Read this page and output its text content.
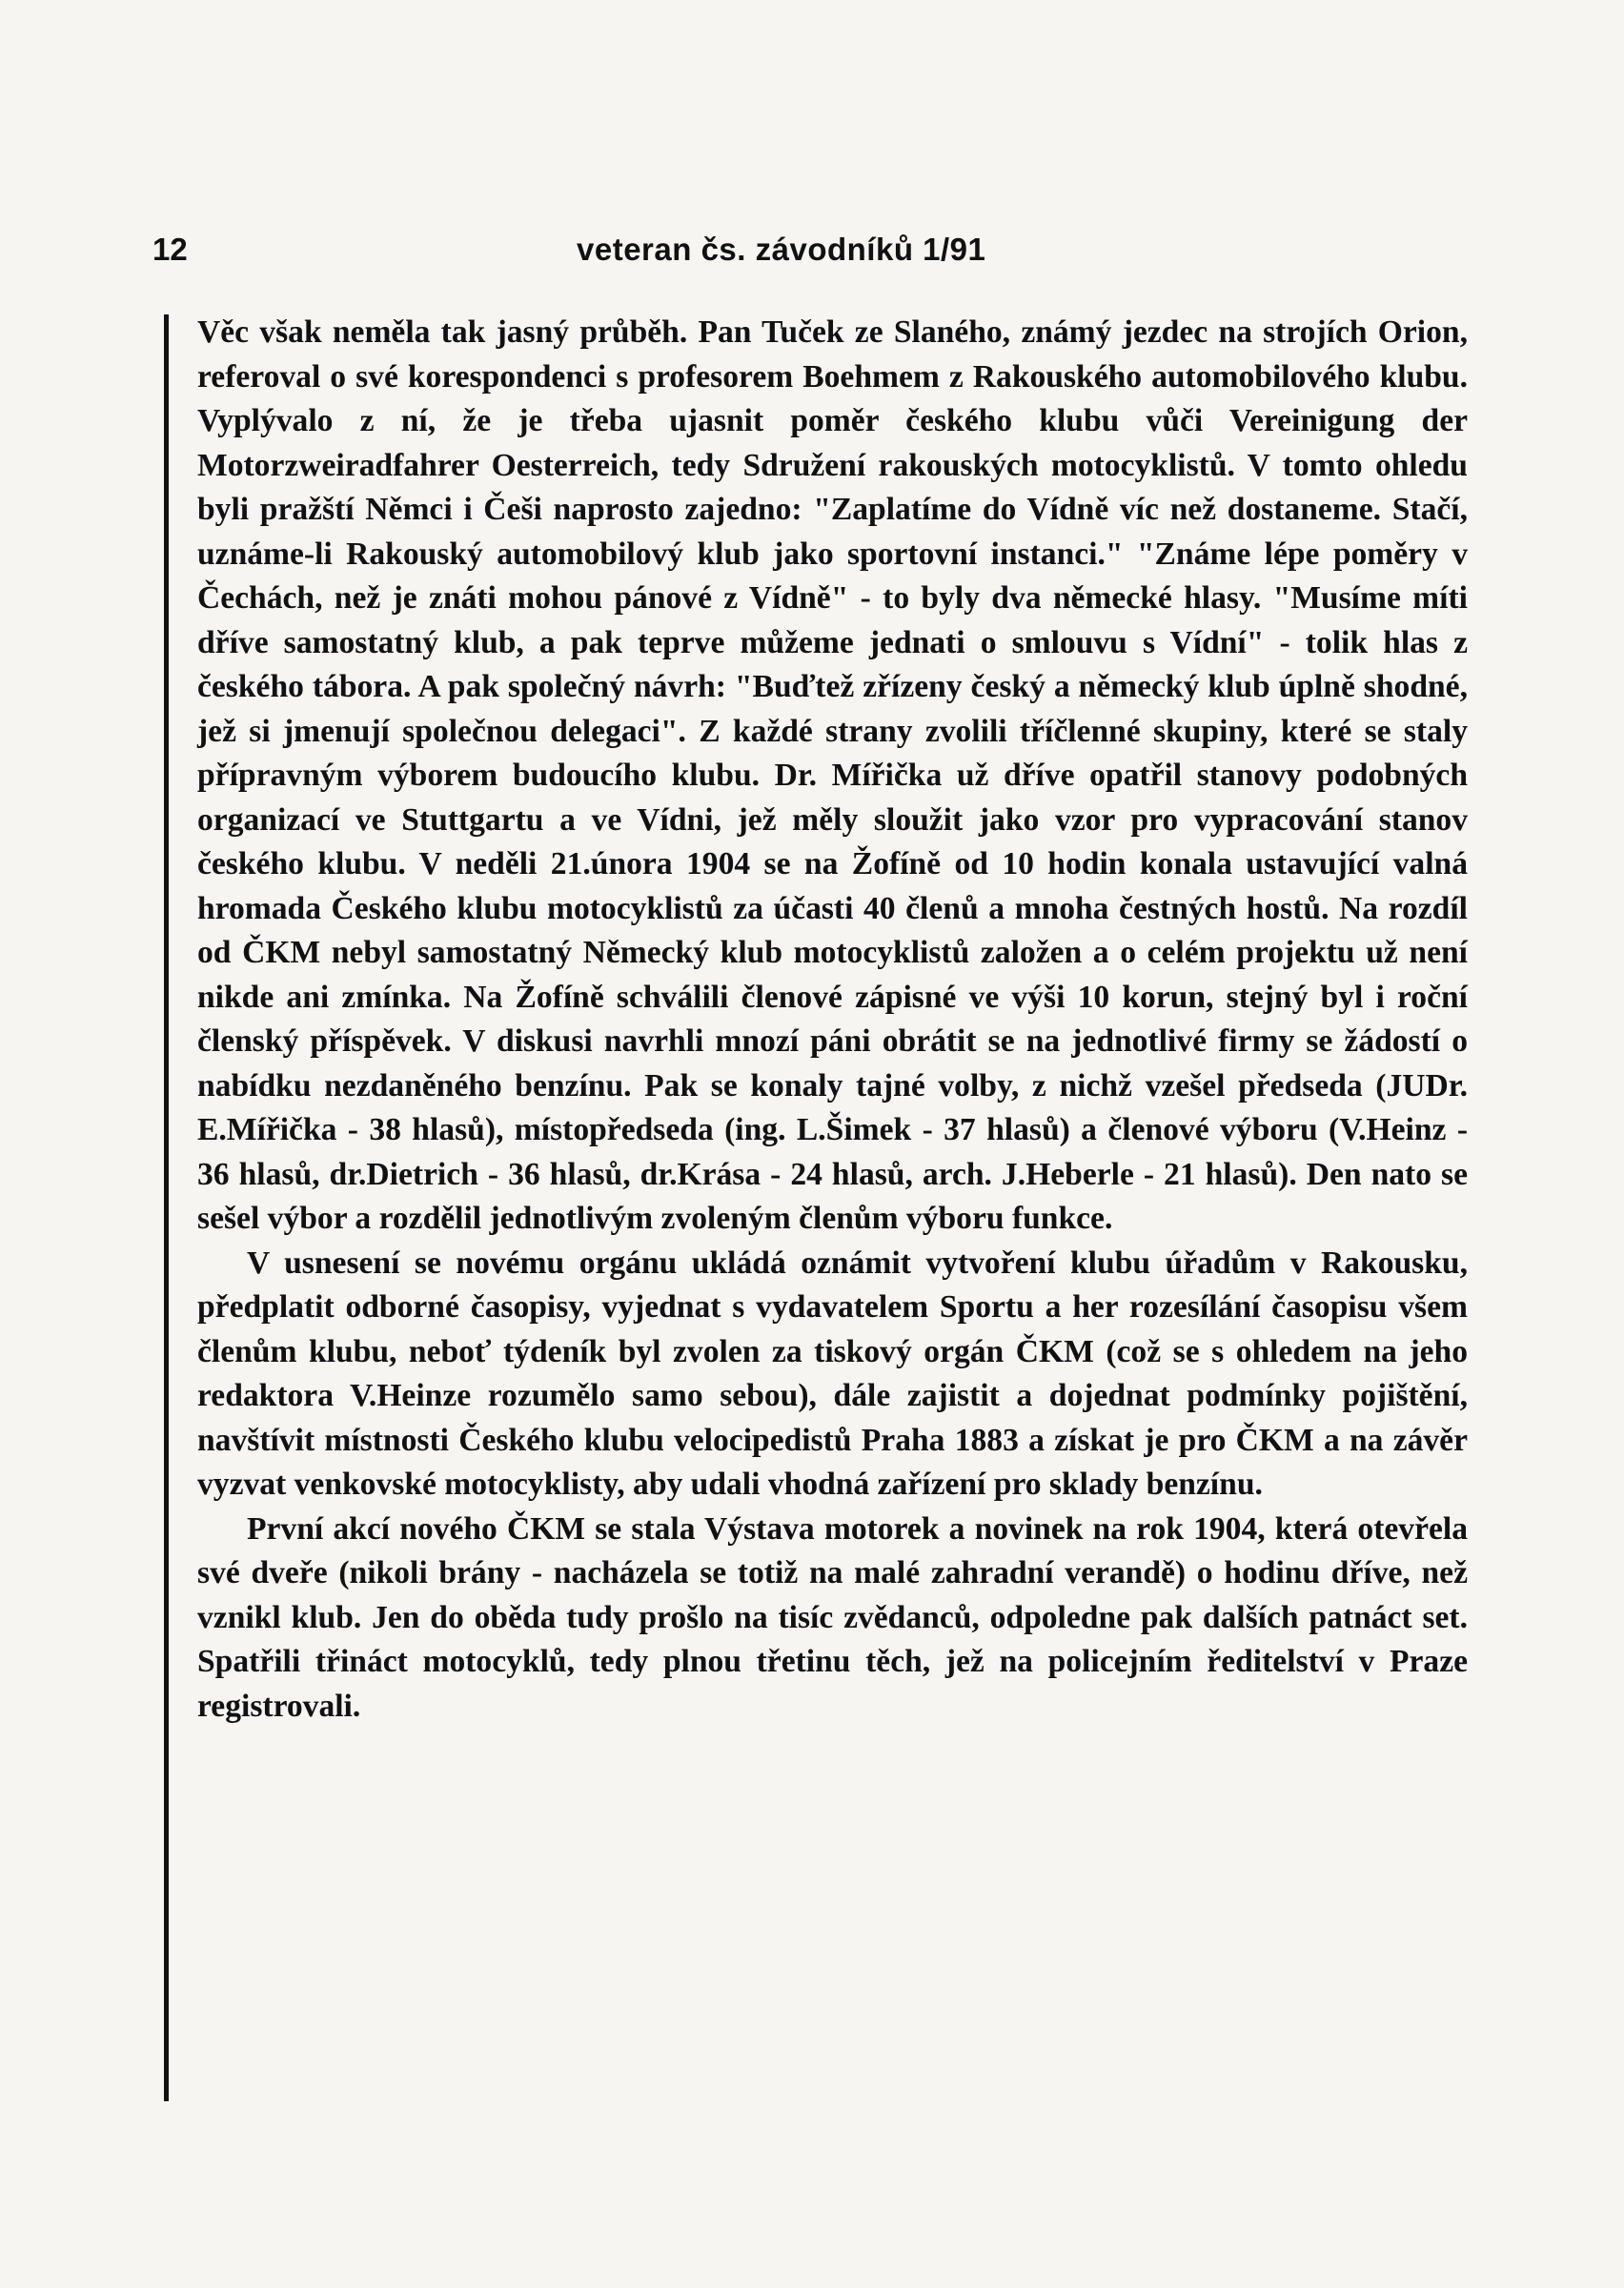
12	veteran čs. závodníků 1/91

Věc však neměla tak jasný průběh. Pan Tuček ze Slaného, známý jezdec na strojích Orion, referoval o své korespondenci s profesorem Boehmem z Rakouského automobilového klubu. Vyplývalo z ní, že je třeba ujasnit poměr českého klubu vůči Vereinigung der Motorzweiradfahrer Oesterreich, tedy Sdružení rakouských motocyklistů. V tomto ohledu byli pražští Němci i Češi naprosto zajedno: "Zaplatíme do Vídně víc než dostaneme. Stačí, uznáme-li Rakouský automobilový klub jako sportovní instanci." "Známe lépe poměry v Čechách, než je znáti mohou pánové z Vídně" - to byly dva německé hlasy. "Musíme míti dříve samostatný klub, a pak teprve můžeme jednati o smlouvu s Vídní" - tolik hlas z českého tábora. A pak společný návrh: "Buďtež zřízeny český a německý klub úplně shodné, jež si jmenují společnou delegaci". Z každé strany zvolili tříčlenné skupiny, které se staly přípravným výborem budoucího klubu. Dr. Mířička už dříve opatřil stanovy podobných organizací ve Stuttgartu a ve Vídni, jež měly sloužit jako vzor pro vypracování stanov českého klubu. V neděli 21.února 1904 se na Žofíně od 10 hodin konala ustavující valná hromada Českého klubu motocyklistů za účasti 40 členů a mnoha čestných hostů. Na rozdíl od ČKM nebyl samostatný Německý klub motocyklistů založen a o celém projektu už není nikde ani zmínka. Na Žofíně schválili členové zápisné ve výši 10 korun, stejný byl i roční členský příspěvek. V diskusi navrhli mnozí páni obrátit se na jednotlivé firmy se žádostí o nabídku nezdaněného benzínu. Pak se konaly tajné volby, z nichž vzešel předseda (JUDr. E.Mířička - 38 hlasů), místopředseda (ing. L.Šimek - 37 hlasů) a členové výboru (V.Heinz - 36 hlasů, dr.Dietrich - 36 hlasů, dr.Krása - 24 hlasů, arch. J.Heberle - 21 hlasů). Den nato se sešel výbor a rozdělil jednotlivým zvoleným členům výboru funkce.

V usnesení se novému orgánu ukládá oznámit vytvoření klubu úřadům v Rakousku, předplatit odborné časopisy, vyjednat s vydavatelem Sportu a her rozesílání časopisu všem členům klubu, neboť týdeník byl zvolen za tiskový orgán ČKM (což se s ohledem na jeho redaktora V.Heinze rozumělo samo sebou), dále zajistit a dojednat podmínky pojištění, navštívit místnosti Českého klubu velocipedistů Praha 1883 a získat je pro ČKM a na závěr vyzvat venkovské motocyklisty, aby udali vhodná zařízení pro sklady benzínu.

První akcí nového ČKM se stala Výstava motorek a novinek na rok 1904, která otevřela své dveře (nikoli brány - nacházela se totiž na malé zahradní verandě) o hodinu dříve, než vznikl klub. Jen do oběda tudy prošlo na tisíc zvědanců, odpoledne pak dalších patnáct set. Spatřili třináct motocyklů, tedy plnou třetinu těch, jež na policejním ředitelství v Praze registrovali.
